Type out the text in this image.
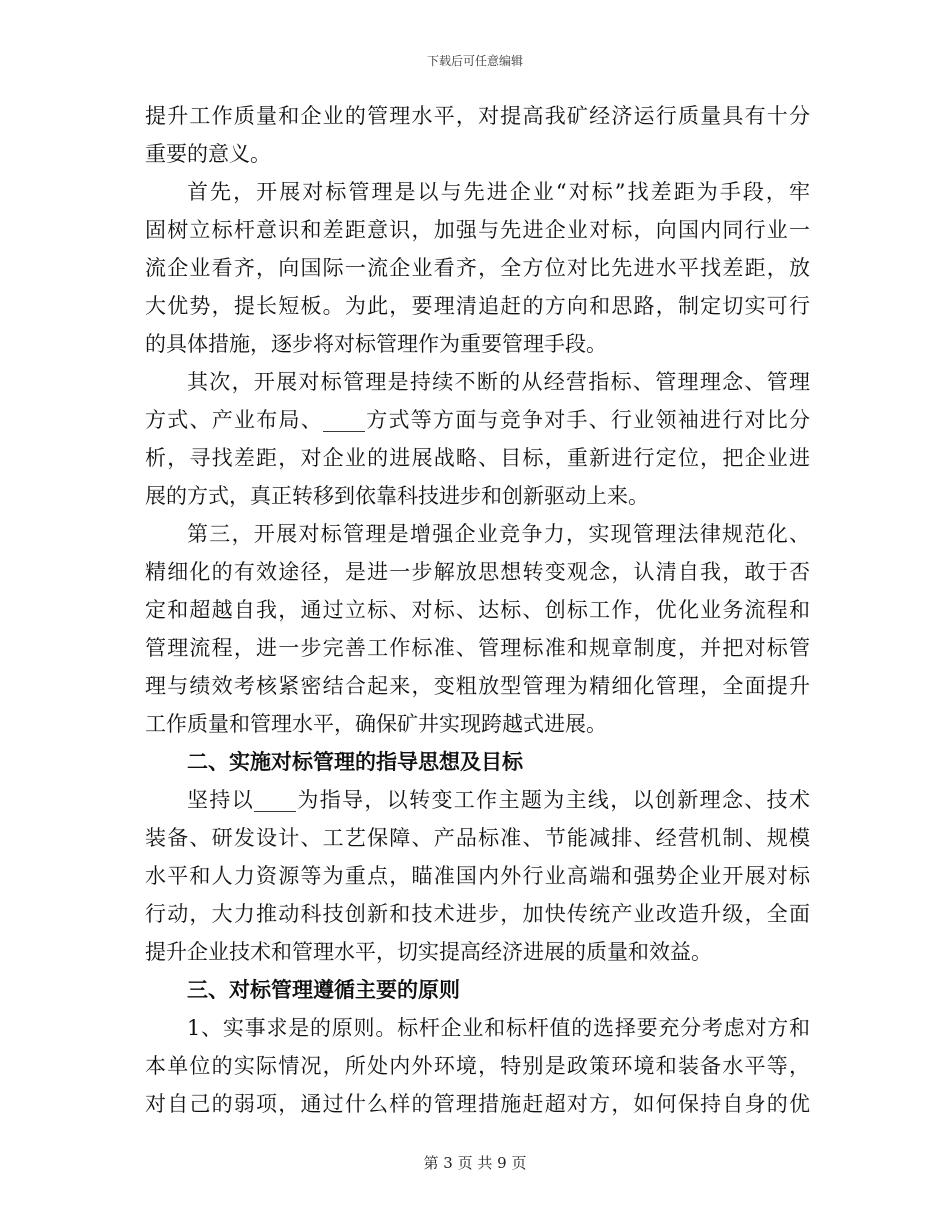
下载后可任意编辑
提升工作质量和企业的管理水平，对提高我矿经济运行质量具有十分
重要的意义。
首先，开展对标管理是以与先进企业“对标”找差距为手段，牢
固树立标杆意识和差距意识，加强与先进企业对标，向国内同行业一
流企业看齐，向国际一流企业看齐，全方位对比先进水平找差距，放
大优势，提长短板。为此，要理清追赶的方向和思路，制定切实可行
的具体措施，逐步将对标管理作为重要管理手段。
其次，开展对标管理是持续不断的从经营指标、管理理念、管理
方式、产业布局、____方式等方面与竞争对手、行业领袖进行对比分
析，寻找差距，对企业的进展战略、目标，重新进行定位，把企业进
展的方式，真正转移到依靠科技进步和创新驱动上来。
第三，开展对标管理是增强企业竞争力，实现管理法律规范化、
精细化的有效途径，是进一步解放思想转变观念，认清自我，敢于否
定和超越自我，通过立标、对标、达标、创标工作，优化业务流程和
管理流程，进一步完善工作标准、管理标准和规章制度，并把对标管
理与绩效考核紧密结合起来，变粗放型管理为精细化管理，全面提升
工作质量和管理水平，确保矿井实现跨越式进展。
二、实施对标管理的指导思想及目标
坚持以____为指导，以转变工作主题为主线，以创新理念、技术
装备、研发设计、工艺保障、产品标准、节能减排、经营机制、规模
水平和人力资源等为重点，瞄准国内外行业高端和强势企业开展对标
行动，大力推动科技创新和技术进步，加快传统产业改造升级，全面
提升企业技术和管理水平，切实提高经济进展的质量和效益。
三、对标管理遵循主要的原则
1、实事求是的原则。标杆企业和标杆值的选择要充分考虑对方和
本单位的实际情况，所处内外环境，特别是政策环境和装备水平等，
对自己的弱项，通过什么样的管理措施赶超对方，如何保持自身的优
第 3 页 共 9 页
